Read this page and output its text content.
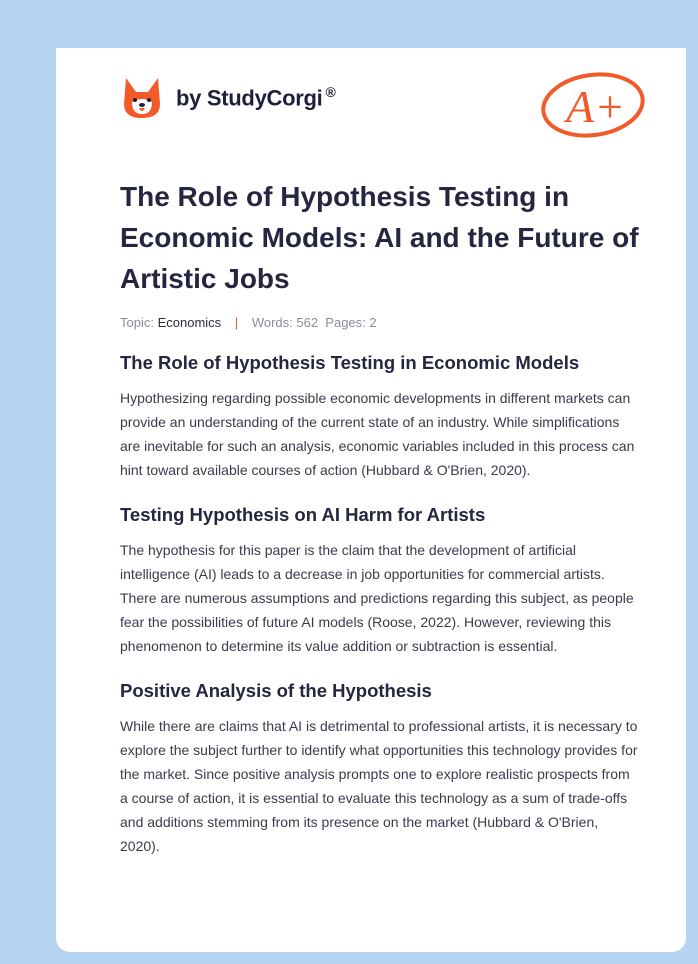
by StudyCorgi ®	A+
The Role of Hypothesis Testing in Economic Models: AI and the Future of Artistic Jobs
Topic: Economics | Words: 562 Pages: 2
The Role of Hypothesis Testing in Economic Models

Hypothesizing regarding possible economic developments in different markets can provide an understanding of the current state of an industry. While simplifications are inevitable for such an analysis, economic variables included in this process can hint toward available courses of action (Hubbard & O'Brien, 2020).

Testing Hypothesis on AI Harm for Artists

The hypothesis for this paper is the claim that the development of artificial intelligence (AI) leads to a decrease in job opportunities for commercial artists. There are numerous assumptions and predictions regarding this subject, as people fear the possibilities of future AI models (Roose, 2022). However, reviewing this phenomenon to determine its value addition or subtraction is essential.

Positive Analysis of the Hypothesis

While there are claims that AI is detrimental to professional artists, it is necessary to explore the subject further to identify what opportunities this technology provides for the market. Since positive analysis prompts one to explore realistic prospects from a course of action, it is essential to evaluate this technology as a sum of trade-offs and additions stemming from its presence on the market (Hubbard & O'Brien, 2020).
